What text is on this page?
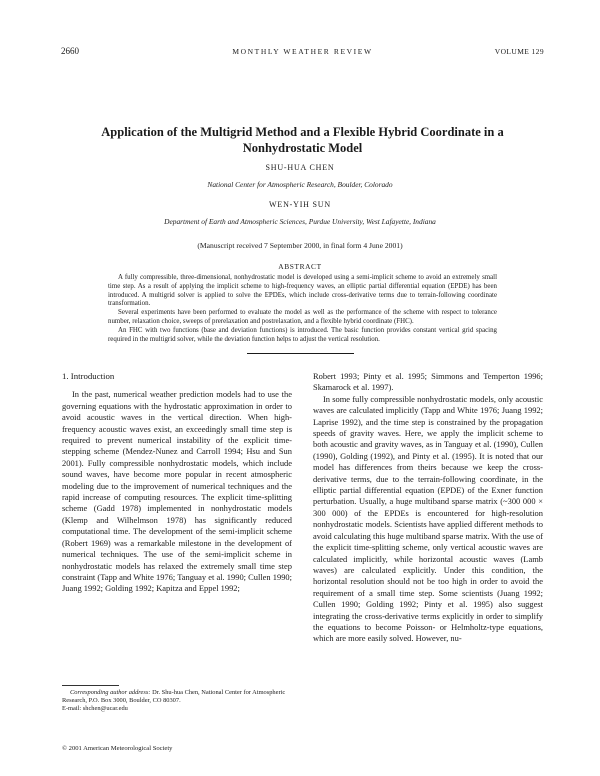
2660	MONTHLY WEATHER REVIEW	VOLUME 129
Application of the Multigrid Method and a Flexible Hybrid Coordinate in a
Nonhydrostatic Model
SHU-HUA CHEN
National Center for Atmospheric Research, Boulder, Colorado
WEN-YIH SUN
Department of Earth and Atmospheric Sciences, Purdue University, West Lafayette, Indiana
(Manuscript received 7 September 2000, in final form 4 June 2001)
ABSTRACT

A fully compressible, three-dimensional, nonhydrostatic model is developed using a semi-implicit scheme to avoid an extremely small time step. As a result of applying the implicit scheme to high-frequency waves, an elliptic partial differential equation (EPDE) has been introduced. A multigrid solver is applied to solve the EPDEs, which include cross-derivative terms due to terrain-following coordinate transformation.

Several experiments have been performed to evaluate the model as well as the performance of the scheme with respect to tolerance number, relaxation choice, sweeps of prerelaxation and postrelaxation, and a flexible hybrid coordinate (FHC).

An FHC with two functions (base and deviation functions) is introduced. The basic function provides constant vertical grid spacing required in the multigrid solver, while the deviation function helps to adjust the vertical resolution.

1. Introduction

In the past, numerical weather prediction models had to use the governing equations with the hydrostatic approximation in order to avoid acoustic waves in the vertical direction. When high-frequency acoustic waves exist, an exceedingly small time step is required to prevent numerical instability of the explicit time-stepping scheme (Mendez-Nunez and Carroll 1994; Hsu and Sun 2001). Fully compressible nonhydrostatic models, which include sound waves, have become more popular in recent atmospheric modeling due to the improvement of numerical techniques and the rapid increase of computing resources. The explicit time-splitting scheme (Gadd 1978) implemented in nonhydrostatic models (Klemp and Wilhelmson 1978) has significantly reduced computational time. The development of the semi-implicit scheme (Robert 1969) was a remarkable milestone in the development of numerical techniques. The use of the semi-implicit scheme in nonhydrostatic models has relaxed the extremely small time step constraint (Tapp and White 1976; Tanguay et al. 1990; Cullen 1990; Juang 1992; Golding 1992; Kapitza and Eppel 1992;

Robert 1993; Pinty et al. 1995; Simmons and Temperton 1996; Skamarock et al. 1997).

In some fully compressible nonhydrostatic models, only acoustic waves are calculated implicitly (Tapp and White 1976; Juang 1992; Laprise 1992), and the time step is constrained by the propagation speeds of gravity waves. Here, we apply the implicit scheme to both acoustic and gravity waves, as in Tanguay et al. (1990), Cullen (1990), Golding (1992), and Pinty et al. (1995). It is noted that our model has differences from theirs because we keep the cross-derivative terms, due to the terrain-following coordinate, in the elliptic partial differential equation (EPDE) of the Exner function perturbation. Usually, a huge multiband sparse matrix (~300 000 × 300 000) of the EPDEs is encountered for high-resolution nonhydrostatic models. Scientists have applied different methods to avoid calculating this huge multiband sparse matrix. With the use of the explicit time-splitting scheme, only vertical acoustic waves are calculated implicitly, while horizontal acoustic waves (Lamb waves) are calculated explicitly. Under this condition, the horizontal resolution should not be too high in order to avoid the requirement of a small time step. Some scientists (Juang 1992; Cullen 1990; Golding 1992; Pinty et al. 1995) also suggest integrating the cross-derivative terms explicitly in order to simplify the equations to become Poisson- or Helmholtz-type equations, which are more easily solved. However, nu-

Corresponding author address: Dr. Shu-hua Chen, National Center for Atmospheric Research, P.O. Box 3000, Boulder, CO 80307.

E-mail: shchen@ucar.edu
© 2001 American Meteorological Society
